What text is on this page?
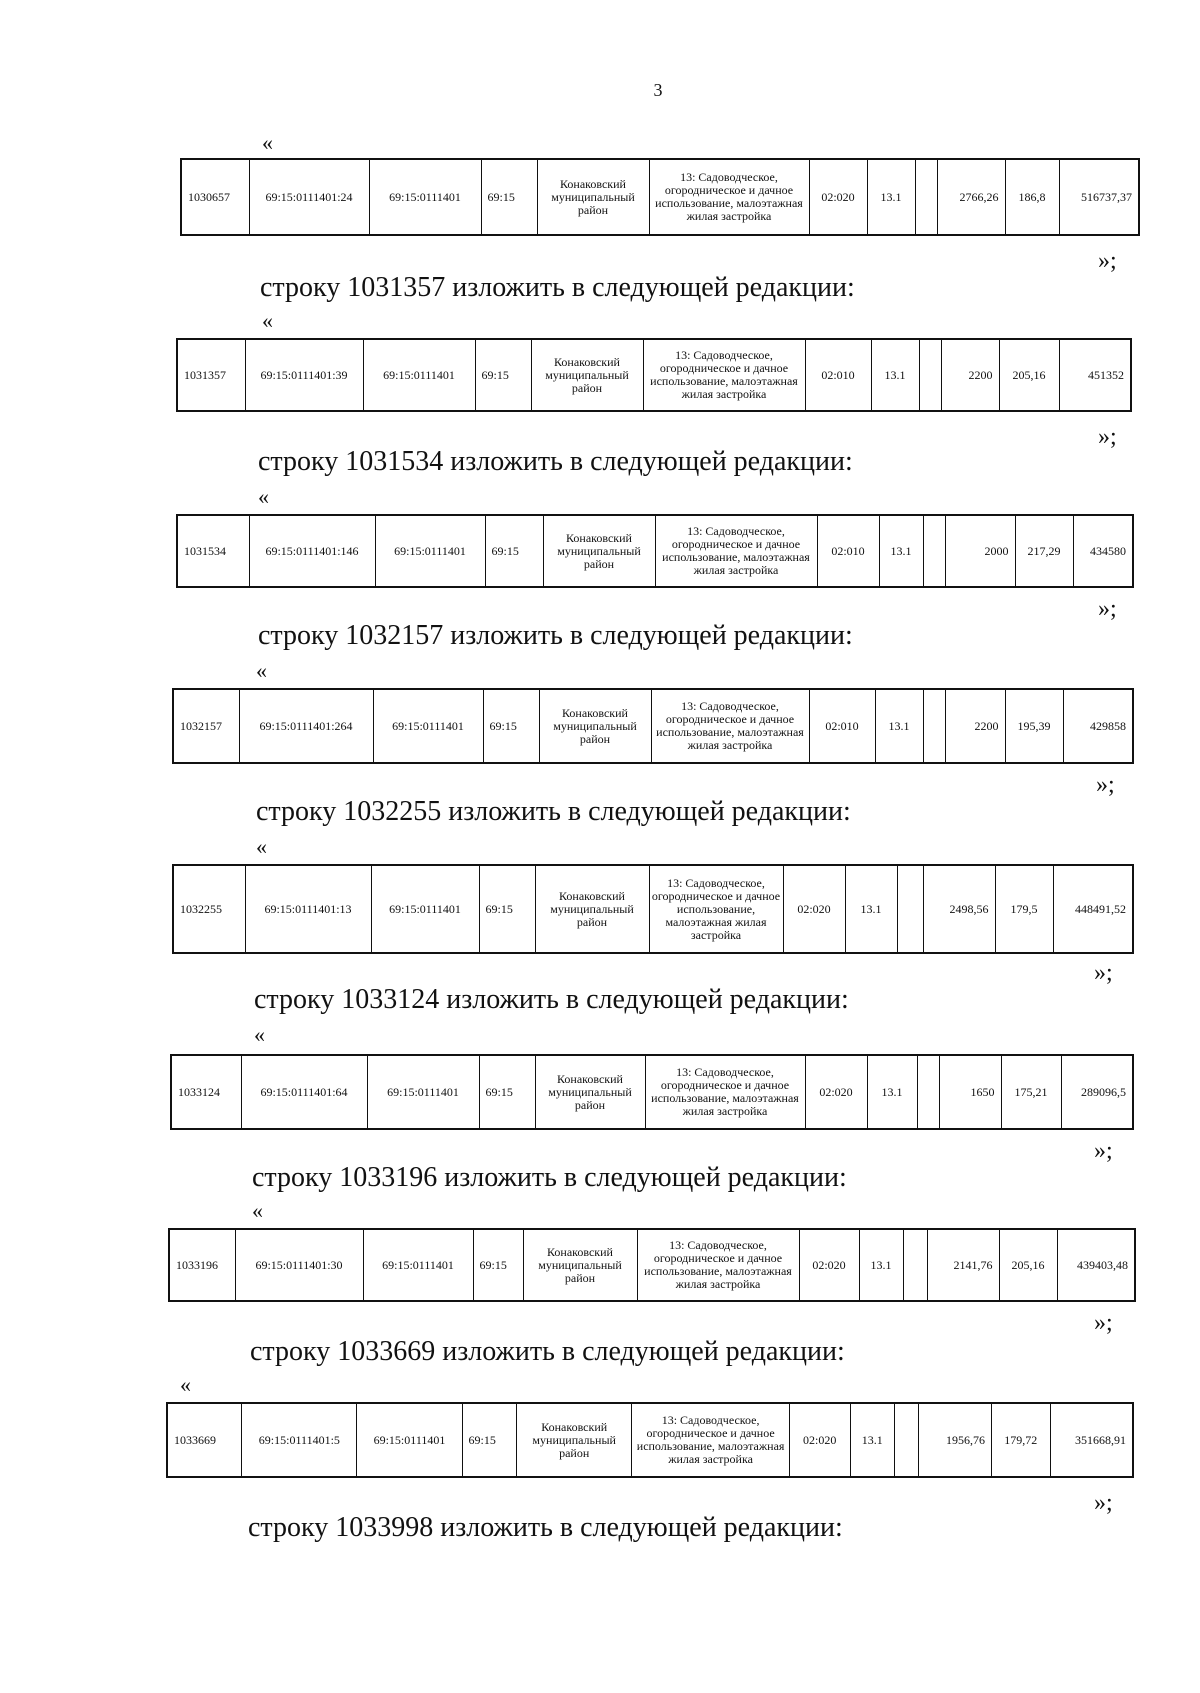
3
«
1030657	69:15:0111401:24	69:15:0111401	69:15	Конаковский муниципальный район	13: Садоводческое, огородническое и дачное использование, малоэтажная жилая застройка	02:020	13.1		2766,26	186,8	516737,37
»;
строку 1031357 изложить в следующей редакции:
«
1031357	69:15:0111401:39	69:15:0111401	69:15	Конаковский муниципальный район	13: Садоводческое, огородническое и дачное использование, малоэтажная жилая застройка	02:010	13.1		2200	205,16	451352
»;
строку 1031534 изложить в следующей редакции:
«
1031534	69:15:0111401:146	69:15:0111401	69:15	Конаковский муниципальный район	13: Садоводческое, огородническое и дачное использование, малоэтажная жилая застройка	02:010	13.1		2000	217,29	434580
»;
строку 1032157 изложить в следующей редакции:
«
1032157	69:15:0111401:264	69:15:0111401	69:15	Конаковский муниципальный район	13: Садоводческое, огородническое и дачное использование, малоэтажная жилая застройка	02:010	13.1		2200	195,39	429858
»;
строку 1032255 изложить в следующей редакции:
«
1032255	69:15:0111401:13	69:15:0111401	69:15	Конаковский муниципальный район	13: Садоводческое, огородническое и дачное использование, малоэтажная жилая застройка	02:020	13.1		2498,56	179,5	448491,52
»;
строку 1033124 изложить в следующей редакции:
«
1033124	69:15:0111401:64	69:15:0111401	69:15	Конаковский муниципальный район	13: Садоводческое, огородническое и дачное использование, малоэтажная жилая застройка	02:020	13.1		1650	175,21	289096,5
»;
строку 1033196 изложить в следующей редакции:
«
1033196	69:15:0111401:30	69:15:0111401	69:15	Конаковский муниципальный район	13: Садоводческое, огородническое и дачное использование, малоэтажная жилая застройка	02:020	13.1		2141,76	205,16	439403,48
»;
строку 1033669 изложить в следующей редакции:
«
1033669	69:15:0111401:5	69:15:0111401	69:15	Конаковский муниципальный район	13: Садоводческое, огородническое и дачное использование, малоэтажная жилая застройка	02:020	13.1		1956,76	179,72	351668,91
»;
строку 1033998 изложить в следующей редакции:
